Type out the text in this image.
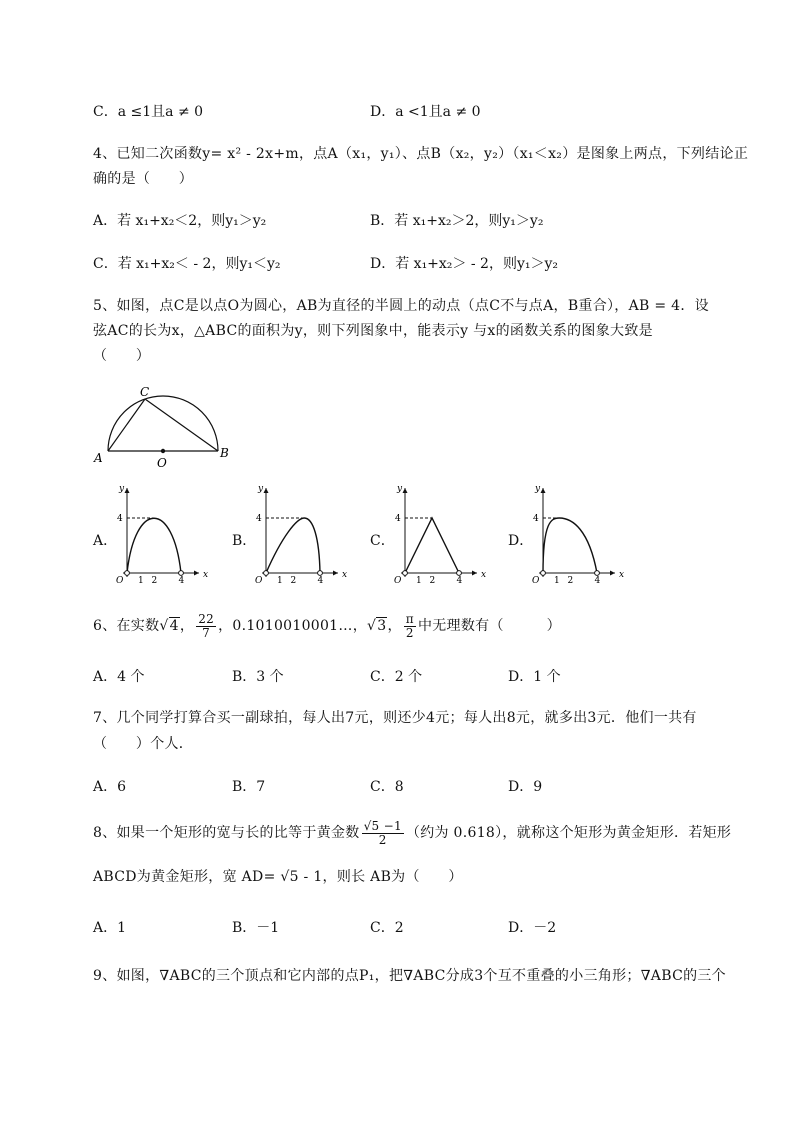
C．a ≤1且a ≠ 0	D．a <1且a ≠ 0
4、已知二次函数y= x² - 2x+m，点A（x₁，y₁）、点B（x₂，y₂）（x₁＜x₂）是图象上两点，下列结论正
确的是（　　）
A．若 x₁+x₂＜2，则y₁＞y₂	B．若 x₁+x₂＞2，则y₁＞y₂
C．若 x₁+x₂＜ - 2，则y₁＜y₂	D．若 x₁+x₂＞ - 2，则y₁＞y₂
5、如图，点C是以点O为圆心，AB为直径的半圆上的动点（点C不与点A，B重合），AB = 4．设
弦AC的长为x，△ABC的面积为y，则下列图象中，能表示y 与x的函数关系的图象大致是
（　　）
A
C
B
O
A．	B．	C．	D．
y
x
4
O 1 2 4
y
x
4
O 1 2 4
y
x
4
O 1 2 4
y
x
4
O 1 2 4
6、在实数√4， $\frac{22}{7}$ ，0.1010010001…，√3， $\frac{\pi}{2}$ 中无理数有（　　　）
A．4 个	B．3 个	C．2 个	D．1 个
7、几个同学打算合买一副球拍，每人出7元，则还少4元；每人出8元，就多出3元．他们一共有
（　　）个人．
A．6	B．7	C．8	D．9
8、如果一个矩形的宽与长的比等于黄金数 $\frac{√5 -1}{2}$ （约为 0.618），就称这个矩形为黄金矩形．若矩形
ABCD为黄金矩形，宽 AD= √5 - 1，则长 AB为（　　）
A．1	B．－1	C．2	D．－2
9、如图，∇ABC的三个顶点和它内部的点P₁，把∇ABC分成3个互不重叠的小三角形；∇ABC的三个
